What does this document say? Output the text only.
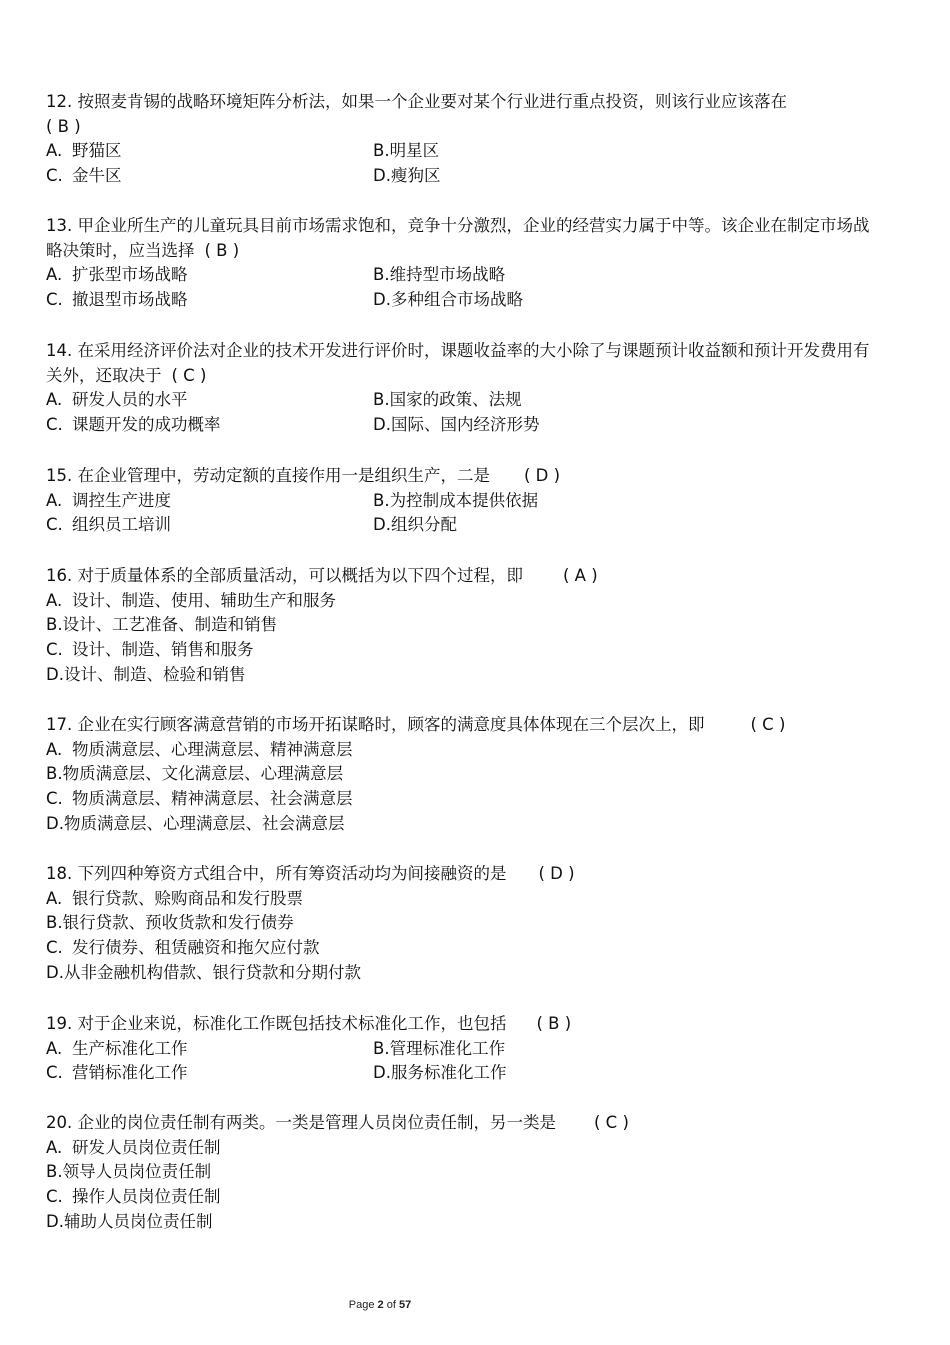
12. 按照麦肯锡的战略环境矩阵分析法，如果一个企业要对某个行业进行重点投资，则该行业应该落在
( B )

A. 野猫区	B.明星区
C. 金牛区	D.瘦狗区

13. 甲企业所生产的儿童玩具目前市场需求饱和，竞争十分激烈，企业的经营实力属于中等。该企业在制定市场战略决策时，应当选择 ( B )

A. 扩张型市场战略	B.维持型市场战略
C. 撤退型市场战略	D.多种组合市场战略

14. 在采用经济评价法对企业的技术开发进行评价时，课题收益率的大小除了与课题预计收益额和预计开发费用有关外，还取决于 ( C )

A. 研发人员的水平	B.国家的政策、法规
C. 课题开发的成功概率	D.国际、国内经济形势

15. 在企业管理中，劳动定额的直接作用一是组织生产，二是 ( D )

A. 调控生产进度	B.为控制成本提供依据
C. 组织员工培训	D.组织分配

16. 对于质量体系的全部质量活动，可以概括为以下四个过程，即 ( A )

A. 设计、制造、使用、辅助生产和服务
B.设计、工艺准备、制造和销售
C. 设计、制造、销售和服务
D.设计、制造、检验和销售

17. 企业在实行顾客满意营销的市场开拓谋略时，顾客的满意度具体体现在三个层次上，即	( C )

A. 物质满意层、心理满意层、精神满意层
B.物质满意层、文化满意层、心理满意层
C. 物质满意层、精神满意层、社会满意层
D.物质满意层、心理满意层、社会满意层

18. 下列四种筹资方式组合中，所有筹资活动均为间接融资的是 ( D )

A. 银行贷款、赊购商品和发行股票
B.银行贷款、预收货款和发行债券
C. 发行债券、租赁融资和拖欠应付款
D.从非金融机构借款、银行贷款和分期付款

19. 对于企业来说，标准化工作既包括技术标准化工作，也包括 ( B )

A. 生产标准化工作	B.管理标准化工作
C. 营销标准化工作	D.服务标准化工作

20. 企业的岗位责任制有两类。一类是管理人员岗位责任制，另一类是 ( C )

A. 研发人员岗位责任制
B.领导人员岗位责任制
C. 操作人员岗位责任制
D.辅助人员岗位责任制
Page 2 of 57
